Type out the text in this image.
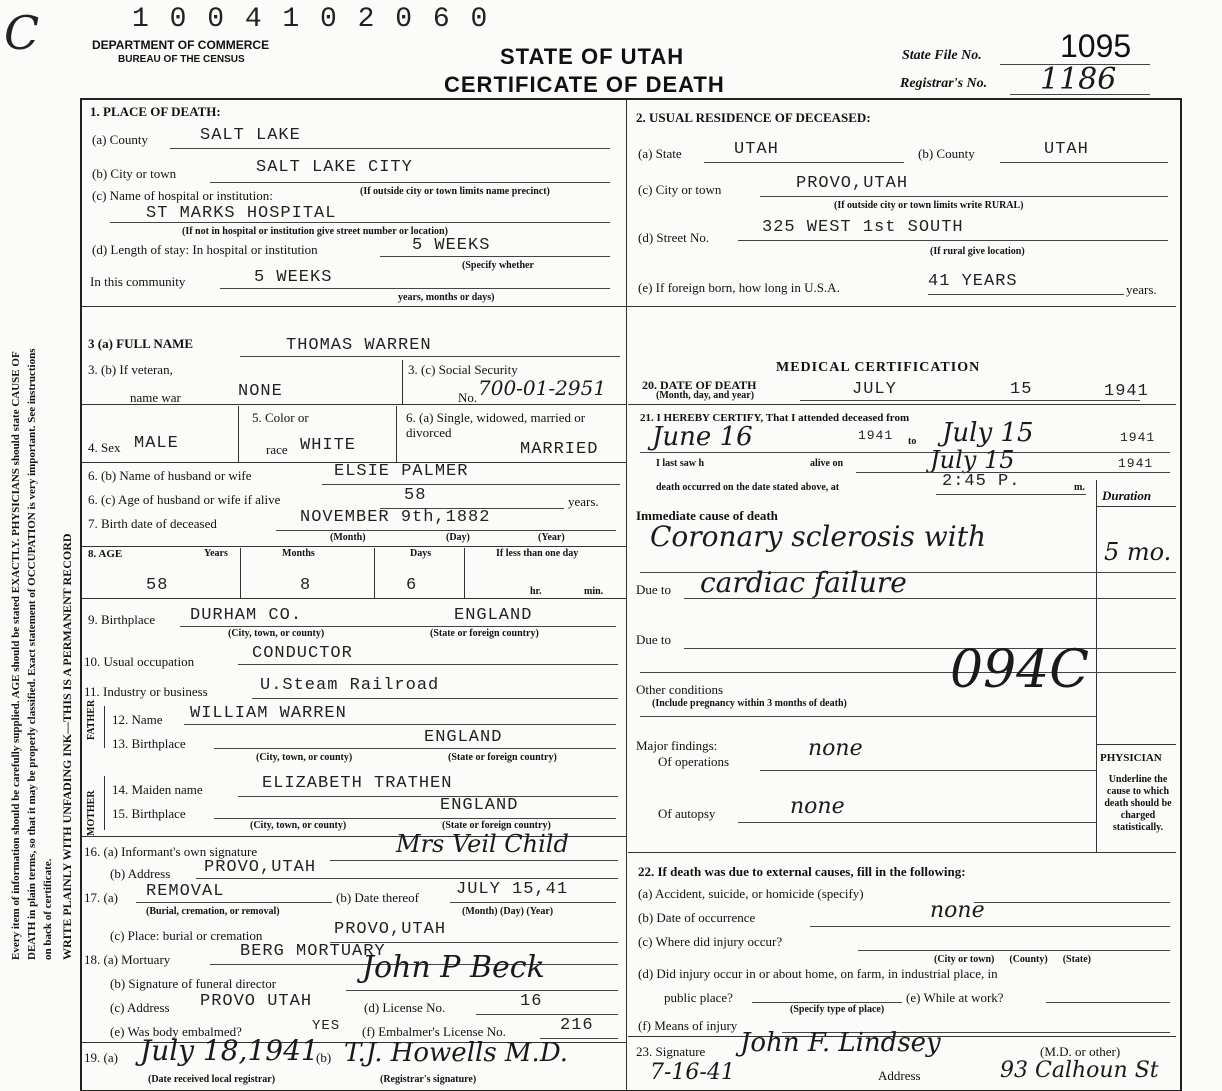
C
Every item of information should be carefully supplied. AGE should be stated EXACTLY. PHYSICIANS should state CAUSE OF DEATH in plain terms, so that it may be properly classified. Exact statement of OCCUPATION is very important. See instructions on back of certificate. WRITE PLAINLY WITH UNFADING INK—THIS IS A PERMANENT RECORD
1 0 0 4 1 0 2 0 6 0
DEPARTMENT OF COMMERCE
BUREAU OF THE CENSUS	STATE OF UTAH
CERTIFICATE OF DEATH
State File No. 1095
Registrar's No. 1186
1. PLACE OF DEATH:
(a) County	SALT LAKE
(b) City or town	SALT LAKE CITY
(c) Name of hospital or institution:	(If outside city or town limits name precinct)
ST MARKS HOSPITAL
(If not in hospital or institution give street number or location)
(d) Length of stay: In hospital or institution	5 WEEKS
(Specify whether
In this community	5 WEEKS
years, months or days)
2. USUAL RESIDENCE OF DECEASED:
(a) State	UTAH	(b) County	UTAH
(c) City or town	PROVO,UTAH
(If outside city or town limits write RURAL)
(d) Street No.
325 WEST 1st SOUTH
(If rural give location)
(e) If foreign born, how long in U.S.A.	41 YEARS	years.
3 (a) FULL NAME	THOMAS WARREN
3. (b) If veteran,
name war	NONE
3. (c) Social Security
No. 700-01-2951
4. Sex MALE
5. Color or
race WHITE
6. (a) Single, widowed, married or divorced
MARRIED
6. (b) Name of husband or wife	ELSIE PALMER
6. (c) Age of husband or wife if alive	58	years.
7. Birth date of deceased	NOVEMBER 9th,1882
(Month)	(Day)	(Year)
8. AGE	Years	Months	Days	If less than one day
58	8	6	hr.	min.
9. Birthplace DURHAM CO.	ENGLAND
(City, town, or county)	(State or foreign country)
10. Usual occupation	CONDUCTOR
11. Industry or business	U.Steam Railroad
FATHER
MOTHER
12. Name WILLIAM WARREN
13. Birthplace	ENGLAND
(City, town, or county)	(State or foreign country)
14. Maiden name	ELIZABETH TRATHEN
15. Birthplace	ENGLAND
(City, town, or county)	(State or foreign country)
16. (a) Informant's own signature	Mrs Veil Child
(b) Address PROVO,UTAH
17. (a) REMOVAL
(Burial, cremation, or removal)
(b) Date thereof JULY 15,41
(Month) (Day) (Year)
(c) Place: burial or cremation	PROVO,UTAH
18. (a) Mortuary	BERG MORTUARY
(b) Signature of funeral director	John P Beck
(c) Address PROVO UTAH	(d) License No.	16
(e) Was body embalmed?	YES (f) Embalmer's License No.	216
19. (a) July 18,1941
(Date received local registrar)
(b) T.J. Howells M.D.
(Registrar's signature)
MEDICAL CERTIFICATION
20. DATE OF DEATH
(Month, day, and year)	JULY	15	1941
21. I HEREBY CERTIFY, That I attended deceased from
June 16	1941 to July 15	1941
I last saw h	alive on	July 15	1941
death occurred on the date stated above, at	2:45 P.	m.
Duration
Immediate cause of death
Coronary sclerosis with	5 mo.
Due to cardiac failure
Due to
Other conditions
(Include pregnancy within 3 months of death)
094C
Major findings:
Of operations
none
Of autopsy	none
PHYSICIAN
Underline the cause to which death should be charged statistically.
22. If death was due to external causes, fill in the following:
(a) Accident, suicide, or homicide (specify)
(b) Date of occurrence	none
(c) Where did injury occur?
(City or town)      (County)      (State)
(d) Did injury occur in or about home, on farm, in industrial place, in
public place?
(Specify type of place)
(e) While at work?
(f) Means of injury
23. Signature John F. Lindsey	(M.D. or other)
7-16-41	Address	93 Calhoun St
